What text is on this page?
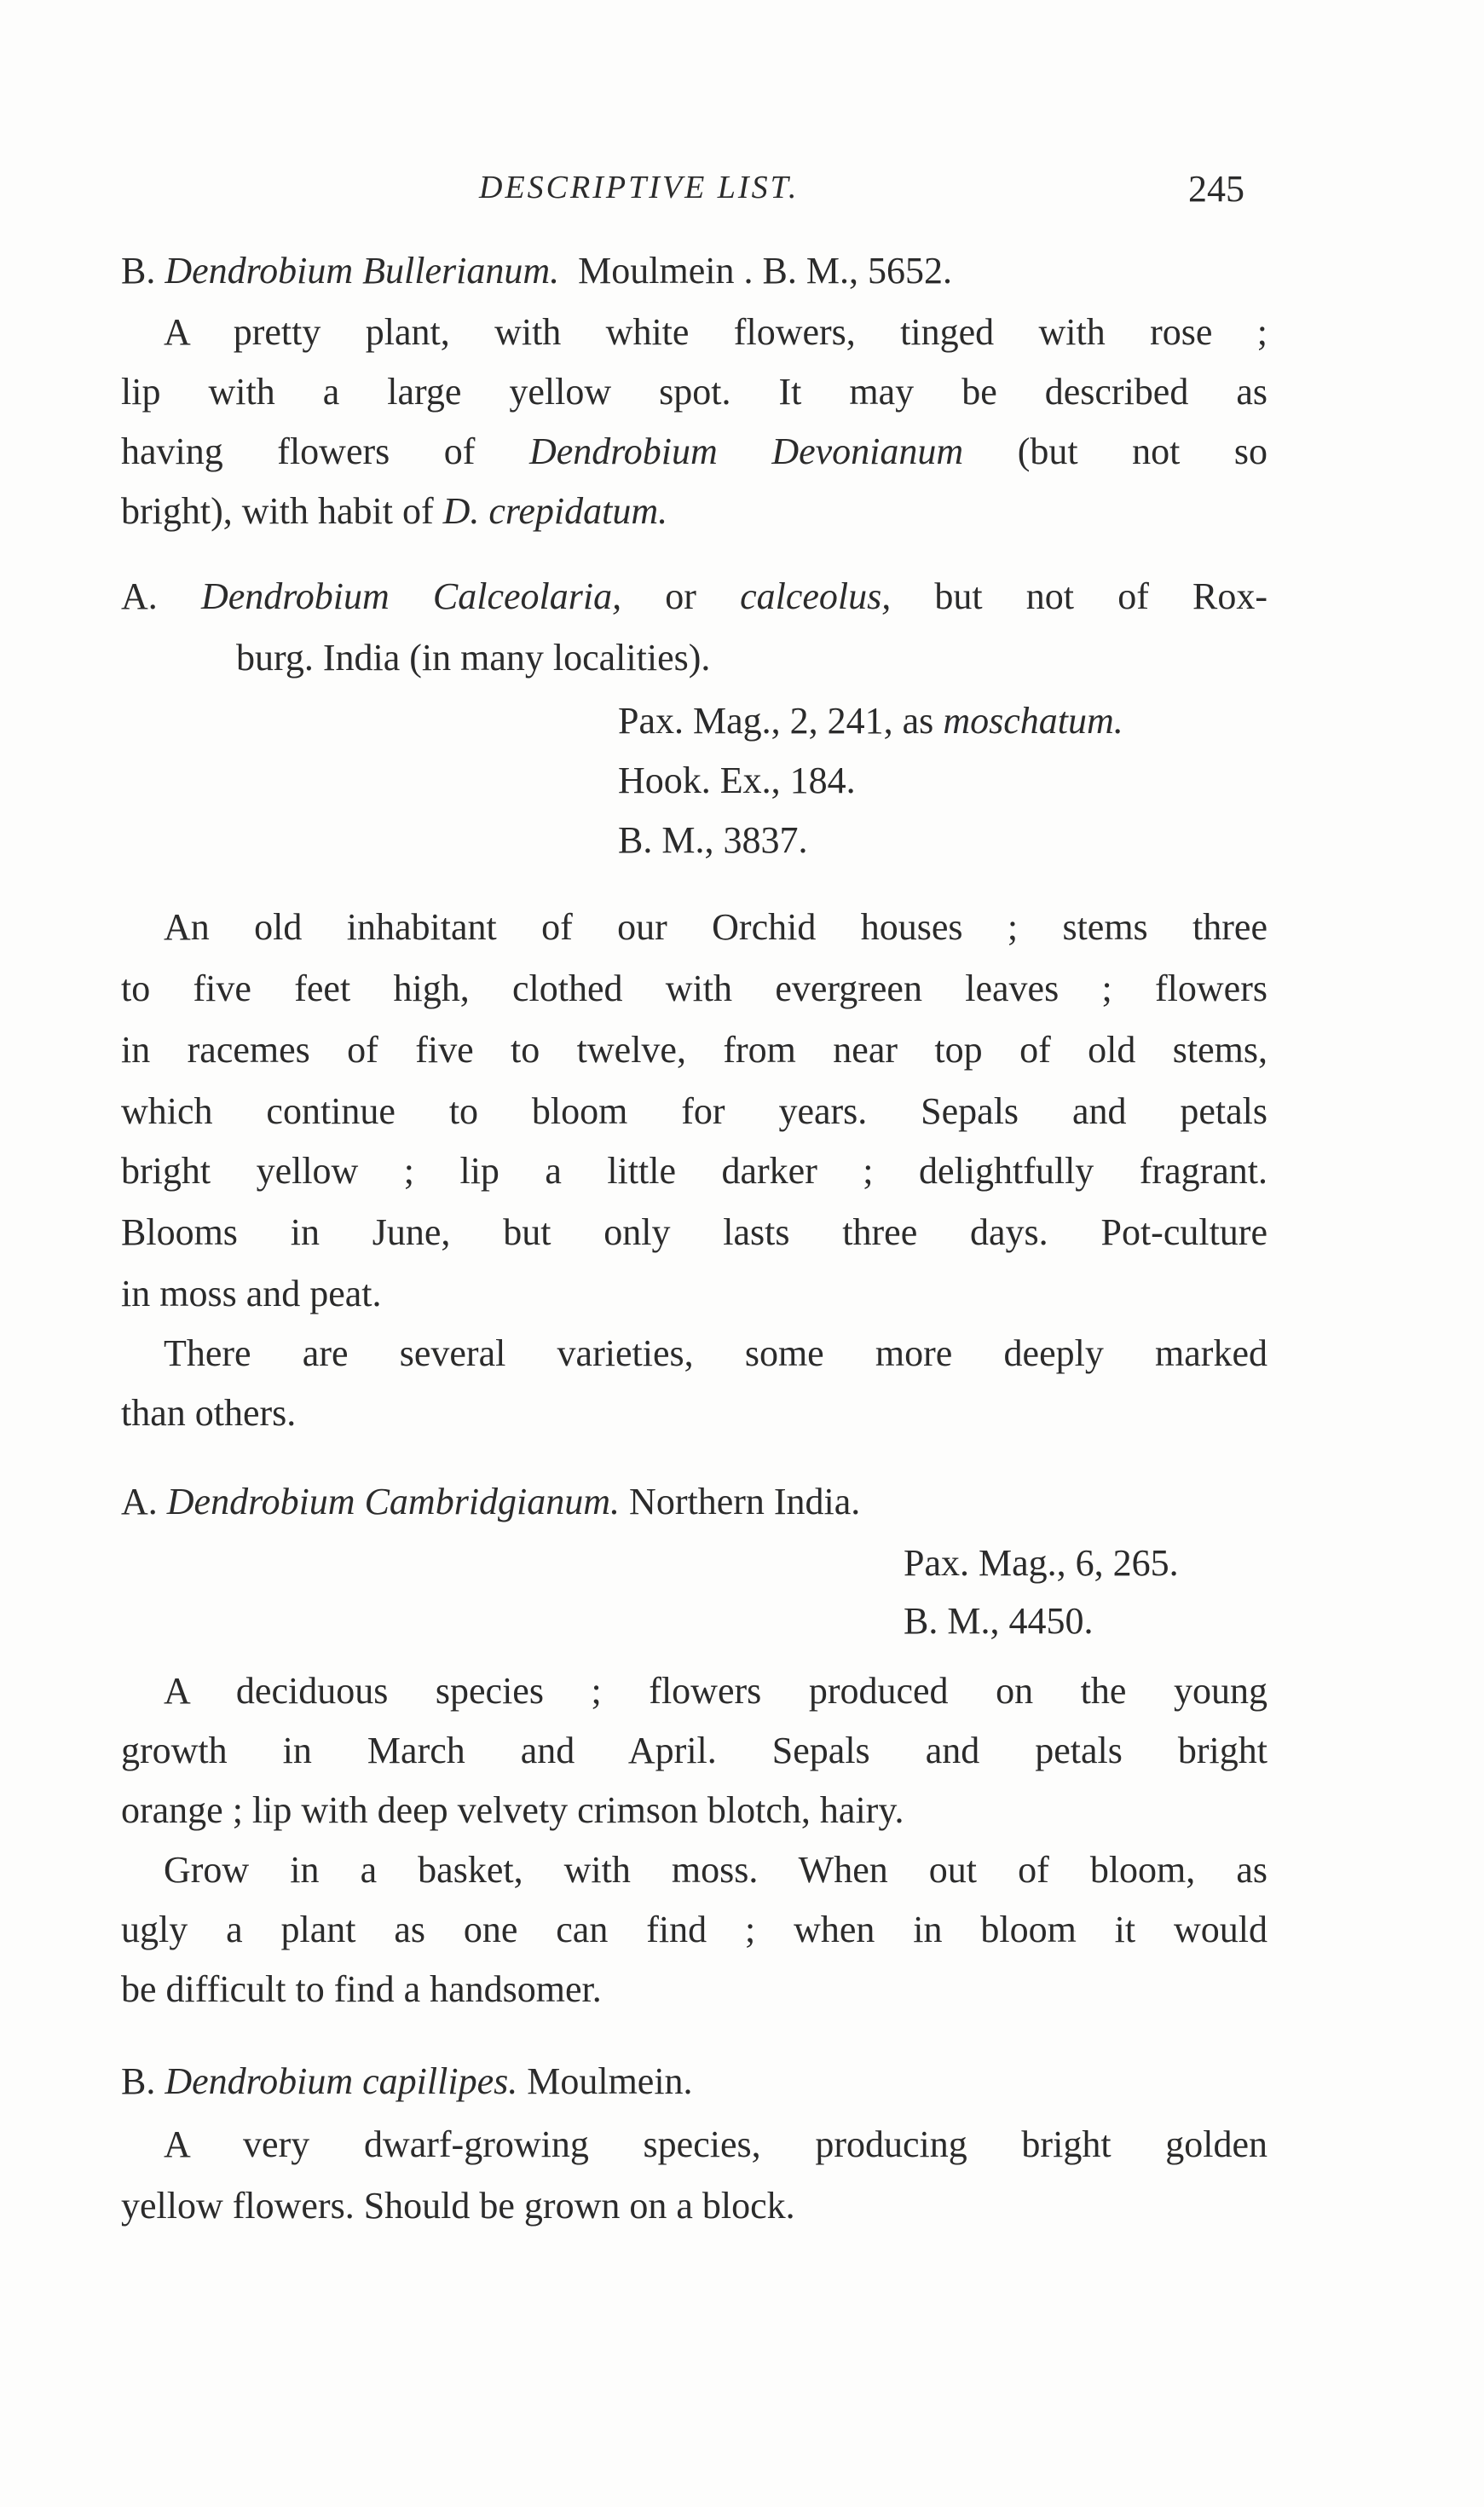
DESCRIPTIVE LIST.	245
B. Dendrobium Bullerianum. Moulmein . B. M., 5652.
A pretty plant, with white flowers, tinged with rose ;
lip with a large yellow spot. It may be described as
having flowers of Dendrobium Devonianum (but not so
bright), with habit of D. crepidatum.
A. Dendrobium Calceolaria, or calceolus, but not of Rox-
burg. India (in many localities).
Pax. Mag., 2, 241, as moschatum.
Hook. Ex., 184.
B. M., 3837.
An old inhabitant of our Orchid houses ; stems three
to five feet high, clothed with evergreen leaves ; flowers
in racemes of five to twelve, from near top of old stems,
which continue to bloom for years. Sepals and petals
bright yellow ; lip a little darker ; delightfully fragrant.
Blooms in June, but only lasts three days. Pot-culture
in moss and peat.
There are several varieties, some more deeply marked
than others.
A. Dendrobium Cambridgianum. Northern India.
Pax. Mag., 6, 265.
B. M., 4450.
A deciduous species ; flowers produced on the young
growth in March and April. Sepals and petals bright
orange ; lip with deep velvety crimson blotch, hairy.
Grow in a basket, with moss. When out of bloom, as
ugly a plant as one can find ; when in bloom it would
be difficult to find a handsomer.
B. Dendrobium capillipes. Moulmein.
A very dwarf-growing species, producing bright golden
yellow flowers. Should be grown on a block.
